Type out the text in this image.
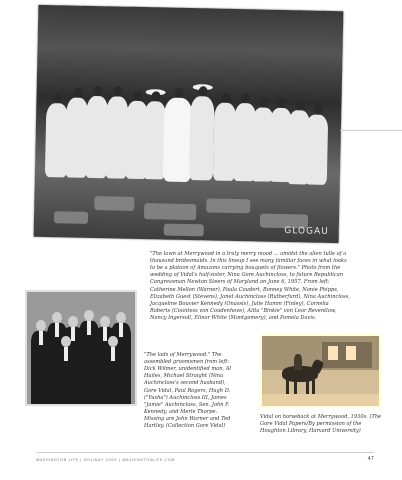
GLOGAU

"The lawn at Merrywood in a truly merry mood ... amidst the alien tulle of a thousand bridesmaids. In this lineup I see many familiar faces in what looks to be a platoon of Amazons carrying bouquets of flowers." Photo from the wedding of Vidal's half-sister, Nina Gore Auchincloss, to future Republican Congressman Newton Steers of Maryland on June 6, 1957. From left: Catherine Mellon (Warner), Paula Coudert, Bonney White, Nonie Phipps, Elizabeth Guest (Stevens), Janet Auchincloss (Rutherfurd), Nina Auchincloss, Jacqueline Bouvier Kennedy (Onassis), Julie Hamm (Finley), Cornelia Roberts (Countess von Coudenhove), Alita "Binkie" von Lear Reventlow, Nancy Ingersoll, Elinor White (Montgomery), and Pamela Davis.

"The lads of Merrywood." The assembled groomsmen from left: Dick Wilmer, unidentified man, Al Hailes, Michael Straight (Nina Auchincloss's second husband), Gore Vidal, Paul Rogers, Hugh D. ("Yusha") Auchincloss III, James "Jamie" Auchincloss, Sen. John F. Kennedy, and Merle Thorpe. Missing are John Warner and Ted Hartley. (Collection Gore Vidal)

Vidal on horseback at Merrywood, 1930s. (The Gore Vidal Papers/By permission of the Houghton Library, Harvard University)

WASHINGTON LIFE | HOLIDAY 2009 | WASHINGTONLIFE.COM	47
